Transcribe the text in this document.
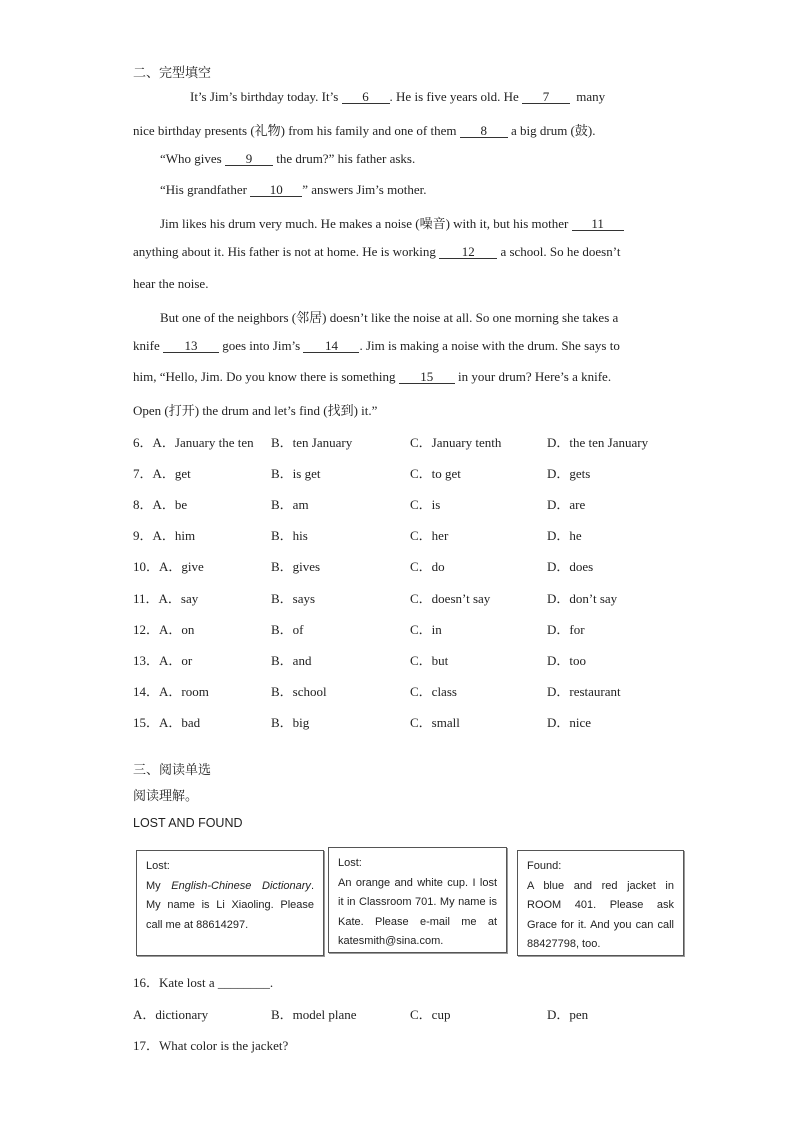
二、完型填空
It’s Jim’s birthday today. It’s 6 . He is five years old. He 7 many
nice birthday presents (礼物) from his family and one of them 8 a big drum (鼓).
“Who gives 9 the drum?” his father asks.
“His grandfather 10 ” answers Jim’s mother.
Jim likes his drum very much. He makes a noise (噪音) with it, but his mother 11
anything about it. His father is not at home. He is working 12 a school. So he doesn’t
hear the noise.
But one of the neighbors (邻居) doesn’t like the noise at all. So one morning she takes a
knife 13 goes into Jim’s 14 . Jim is making a noise with the drum. She says to
him, “Hello, Jim. Do you know there is something 15 in your drum? Here’s a knife.
Open (打开) the drum and let’s find (找到) it.”
6．A．January the ten B．ten January	C．January tenth	D．the ten January
7．A．get	B．is get	C．to get	D．gets
8．A．be	B．am	C．is	D．are
9．A．him	B．his	C．her	D．he
10．A．give	B．gives	C．do	D．does
11．A．say	B．says	C．doesn’t say	D．don’t say
12．A．on	B．of	C．in	D．for
13．A．or	B．and	C．but	D．too
14．A．room	B．school	C．class	D．restaurant
15．A．bad	B．big	C．small	D．nice
三、阅读单选
阅读理解。
LOST AND FOUND
Lost:
My English-Chinese Dictionary. My name is Li Xiaoling. Please call me at 88614297.
Lost:
An orange and white cup. I lost it in Classroom 701. My name is Kate. Please e-mail me at katesmith@sina.com.
Found:
A blue and red jacket in ROOM 401. Please ask Grace for it. And you can call 88427798, too.
16．Kate lost a ________.
A．dictionary	B．model plane	C．cup	D．pen
17．What color is the jacket?
